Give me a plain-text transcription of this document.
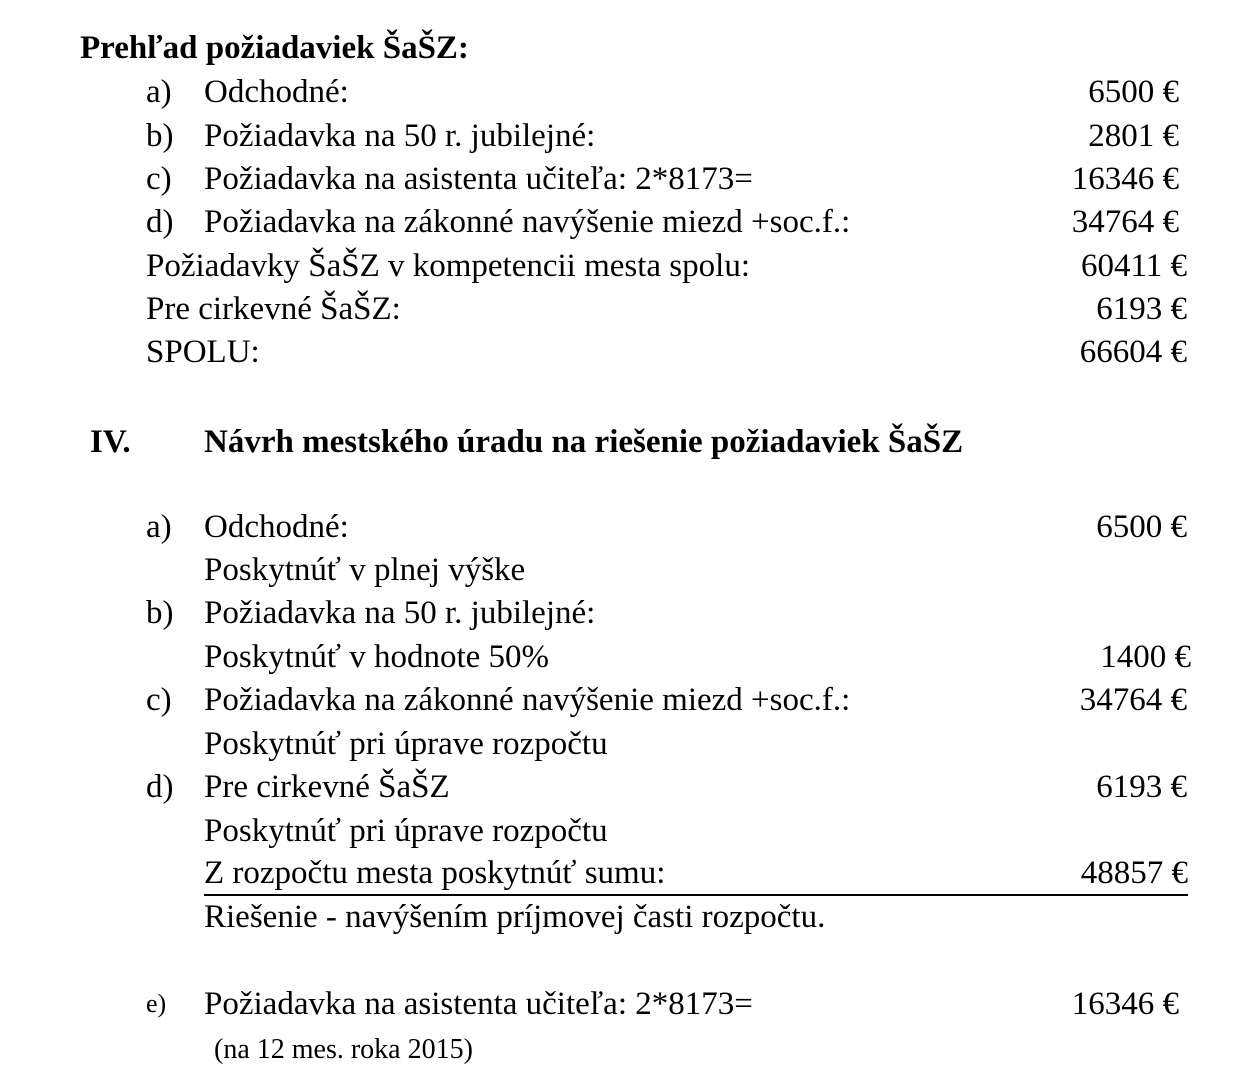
Prehľad požiadaviek ŠaŠZ:
a) Odchodné:	6500 €
b) Požiadavka na 50 r. jubilejné:	2801 €
c) Požiadavka na asistenta učiteľa: 2*8173=	16346 €
d) Požiadavka na zákonné navýšenie miezd +soc.f.:	34764 €
Požiadavky ŠaŠZ v kompetencii mesta spolu:	60411 €
Pre cirkevné ŠaŠZ:	6193 €
SPOLU:	66604 €
IV. Návrh mestského úradu na riešenie požiadaviek ŠaŠZ
a) Odchodné:	6500 €
Poskytnúť v plnej výške
b) Požiadavka na 50 r. jubilejné:
Poskytnúť v hodnote 50%	1400 €
c) Požiadavka na zákonné navýšenie miezd +soc.f.:	34764 €
Poskytnúť pri úprave rozpočtu
d) Pre cirkevné ŠaŠZ	6193 €
Poskytnúť pri úprave rozpočtu
Z rozpočtu mesta poskytnúť sumu:	48857 €
Riešenie - navýšením príjmovej časti rozpočtu.
e) Požiadavka na asistenta učiteľa: 2*8173=	16346 €
(na 12 mes. roka 2015)
